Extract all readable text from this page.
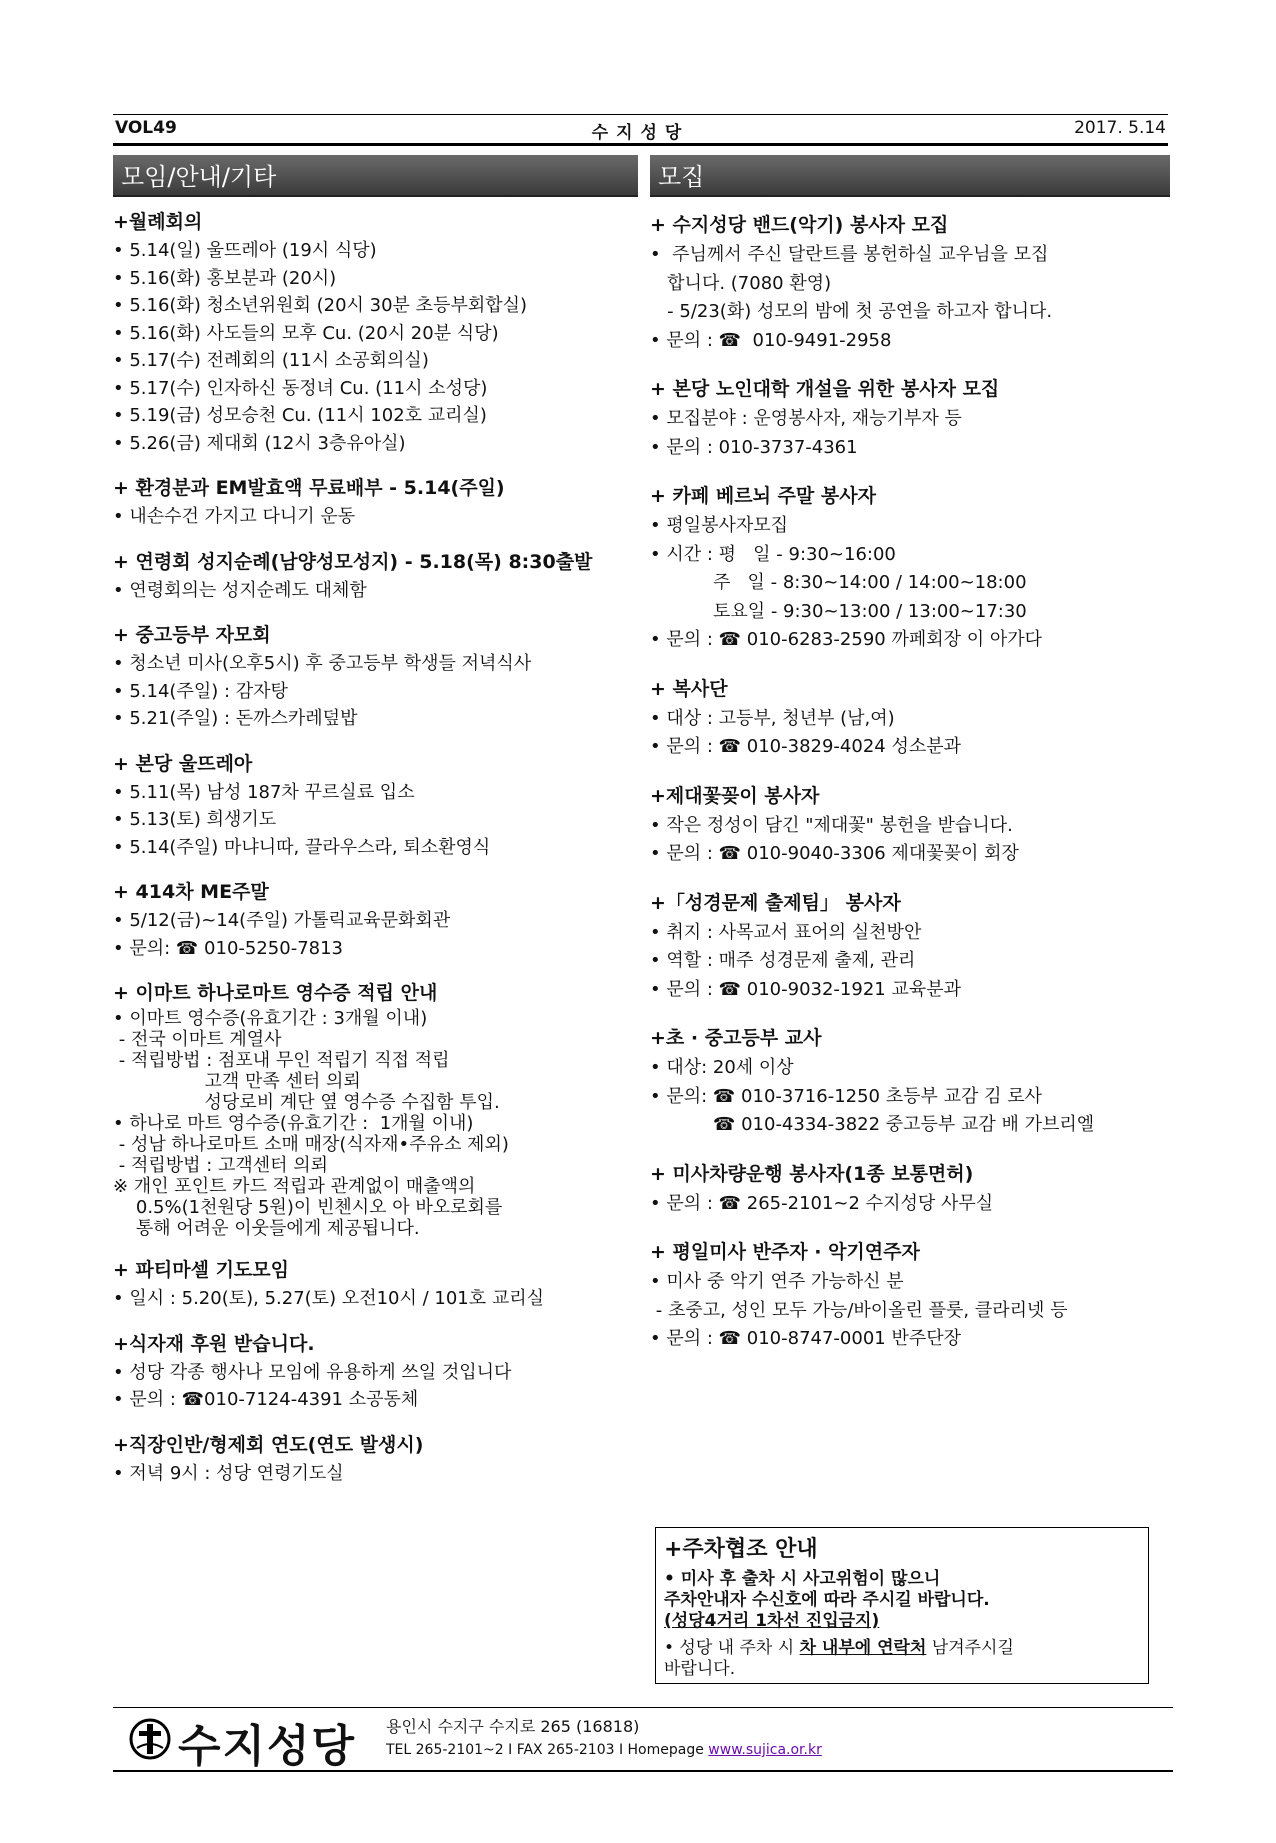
VOL49	수지성당	2017. 5.14
모임/안내/기타
+월례회의
• 5.14(일) 울뜨레아 (19시 식당)
• 5.16(화) 홍보분과 (20시)
• 5.16(화) 청소년위원회 (20시 30분 초등부회합실)
• 5.16(화) 사도들의 모후 Cu. (20시 20분 식당)
• 5.17(수) 전례회의 (11시 소공회의실)
• 5.17(수) 인자하신 동정녀 Cu. (11시 소성당)
• 5.19(금) 성모승천 Cu. (11시 102호 교리실)
• 5.26(금) 제대회 (12시 3층유아실)
+ 환경분과 EM발효액 무료배부 - 5.14(주일)
• 내손수건 가지고 다니기 운동
+ 연령회 성지순례(남양성모성지) - 5.18(목) 8:30출발
• 연령회의는 성지순례도 대체함
+ 중고등부 자모회
• 청소년 미사(오후5시) 후 중고등부 학생들 저녁식사
• 5.14(주일) : 감자탕
• 5.21(주일) : 돈까스카레덮밥
+ 본당 울뜨레아
• 5.11(목) 남성 187차 꾸르실료 입소
• 5.13(토) 희생기도
• 5.14(주일) 마냐니따, 끌라우스라, 퇴소환영식
+ 414차 ME주말
• 5/12(금)~14(주일) 가톨릭교육문화회관
• 문의: ☎ 010-5250-7813
+ 이마트 하나로마트 영수증 적립 안내
• 이마트 영수증(유효기간 : 3개월 이내)
- 전국 이마트 계열사
- 적립방법 : 점포내 무인 적립기 직접 적립
고객 만족 센터 의뢰
성당로비 계단 옆 영수증 수집함 투입.
• 하나로 마트 영수증(유효기간 :  1개월 이내)
- 성남 하나로마트 소매 매장(식자재•주유소 제외)
- 적립방법 : 고객센터 의뢰
※ 개인 포인트 카드 적립과 관계없이 매출액의
0.5%(1천원당 5원)이 빈첸시오 아 바오로회를
통해 어려운 이웃들에게 제공됩니다.
+ 파티마셀 기도모임
• 일시 : 5.20(토), 5.27(토) 오전10시 / 101호 교리실
+식자재 후원 받습니다.
• 성당 각종 행사나 모임에 유용하게 쓰일 것입니다
• 문의 : ☎010-7124-4391 소공동체
+직장인반/형제회 연도(연도 발생시)
• 저녁 9시 : 성당 연령기도실
모집
+ 수지성당 밴드(악기) 봉사자 모집
•  주님께서 주신 달란트를 봉헌하실 교우님을 모집
합니다. (7080 환영)
- 5/23(화) 성모의 밤에 첫 공연을 하고자 합니다.
• 문의 : ☎  010-9491-2958
+ 본당 노인대학 개설을 위한 봉사자 모집
• 모집분야 : 운영봉사자, 재능기부자 등
• 문의 : 010-3737-4361
+ 카페 베르뇌 주말 봉사자
• 평일봉사자모집
• 시간 : 평   일 - 9:30~16:00
주   일 - 8:30~14:00 / 14:00~18:00
토요일 - 9:30~13:00 / 13:00~17:30
• 문의 : ☎ 010-6283-2590 까페회장 이 아가다
+ 복사단
• 대상 : 고등부, 청년부 (남,여)
• 문의 : ☎ 010-3829-4024 성소분과
+제대꽃꽂이 봉사자
• 작은 정성이 담긴 "제대꽃" 봉헌을 받습니다.
• 문의 : ☎ 010-9040-3306 제대꽃꽂이 회장
+「성경문제 출제팀」 봉사자
• 취지 : 사목교서 표어의 실천방안
• 역할 : 매주 성경문제 출제, 관리
• 문의 : ☎ 010-9032-1921 교육분과
+초 · 중고등부 교사
• 대상: 20세 이상
• 문의: ☎ 010-3716-1250 초등부 교감 김 로사
☎ 010-4334-3822 중고등부 교감 배 가브리엘
+ 미사차량운행 봉사자(1종 보통면허)
• 문의 : ☎ 265-2101~2 수지성당 사무실
+ 평일미사 반주자 · 악기연주자
• 미사 중 악기 연주 가능하신 분
- 초중고, 성인 모두 가능/바이올린 플룻, 클라리넷 등
• 문의 : ☎ 010-8747-0001 반주단장
+주차협조 안내
• 미사 후 출차 시 사고위험이 많으니
주차안내자 수신호에 따라 주시길 바랍니다.
(성당4거리 1차선 진입금지)
• 성당 내 주차 시 차 내부에 연락처 남겨주시길
바랍니다.
수지성당 용인시 수지구 수지로 265 (16818)
TEL 265-2101~2 I FAX 265-2103 I Homepage www.sujica.or.kr
